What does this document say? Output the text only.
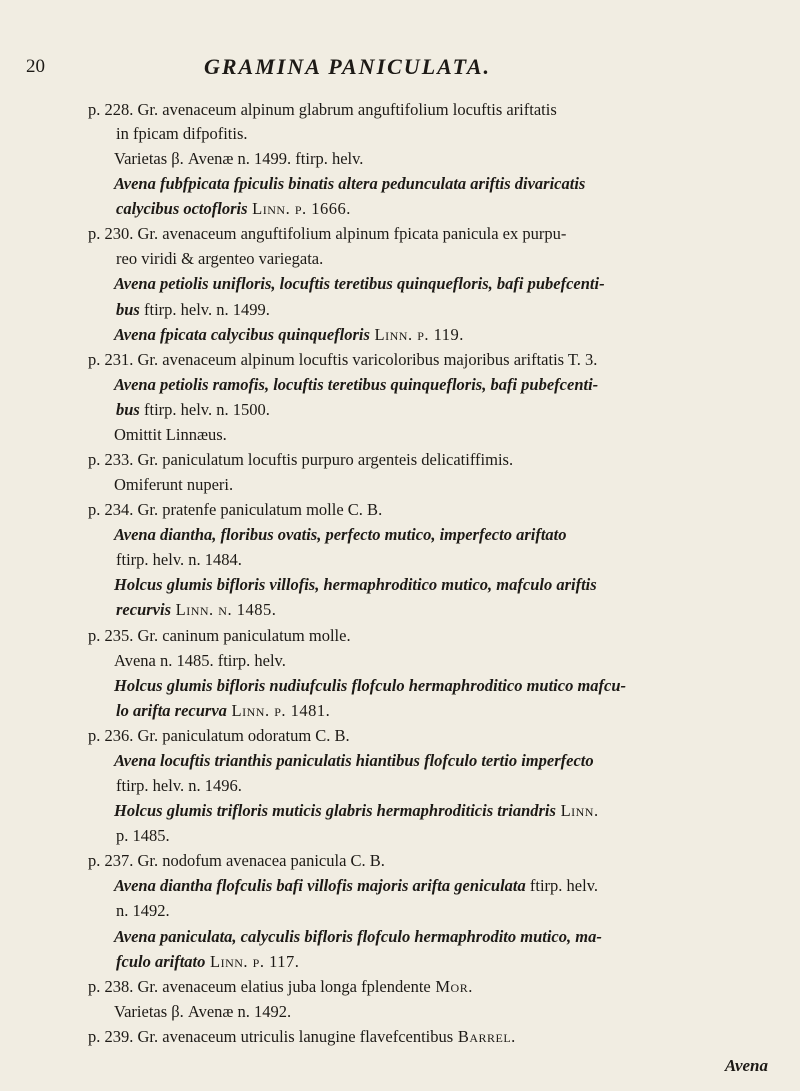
20	GRAMINA PANICULATA.
p. 228. Gr. avenaceum alpinum glabrum anguftifolium locuftis ariftatis
in fpicam difpofitis.
Varietas β. Avenæ n. 1499. ftirp. helv.
Avena fubfpicata fpiculis binatis altera pedunculata ariftis divaricatis
calycibus octofloris Linn. p. 1666.
p. 230. Gr. avenaceum anguftifolium alpinum fpicata panicula ex purpu-
reo viridi & argenteo variegata.
Avena petiolis unifloris, locuftis teretibus quinquefloris, bafi pubefcenti-
bus ftirp. helv. n. 1499.
Avena fpicata calycibus quinquefloris Linn. p. 119.
p. 231. Gr. avenaceum alpinum locuftis varicoloribus majoribus ariftatis T. 3.
Avena petiolis ramofis, locuftis teretibus quinquefloris, bafi pubefcenti-
bus ftirp. helv. n. 1500.
Omittit Linnæus.
p. 233. Gr. paniculatum locuftis purpuro argenteis delicatiffimis.
Omiferunt nuperi.
p. 234. Gr. pratenfe paniculatum molle C. B.
Avena diantha, floribus ovatis, perfecto mutico, imperfecto ariftato
ftirp. helv. n. 1484.
Holcus glumis bifloris villofis, hermaphroditico mutico, mafculo ariftis
recurvis Linn. n. 1485.
p. 235. Gr. caninum paniculatum molle.
Avena n. 1485. ftirp. helv.
Holcus glumis bifloris nudiufculis flofculo hermaphroditico mutico mafcu-
lo arifta recurva Linn. p. 1481.
p. 236. Gr. paniculatum odoratum C. B.
Avena locuftis trianthis paniculatis hiantibus flofculo tertio imperfecto
ftirp. helv. n. 1496.
Holcus glumis trifloris muticis glabris hermaphroditicis triandris Linn.
p. 1485.
p. 237. Gr. nodofum avenacea panicula C. B.
Avena diantha flofculis bafi villofis majoris arifta geniculata ftirp. helv.
n. 1492.
Avena paniculata, calyculis bifloris flofculo hermaphrodito mutico, ma-
fculo ariftato Linn. p. 117.
p. 238. Gr. avenaceum elatius juba longa fplendente Mor.
Varietas β. Avenæ n. 1492.
p. 239. Gr. avenaceum utriculis lanugine flavefcentibus Barrel.
Avena
